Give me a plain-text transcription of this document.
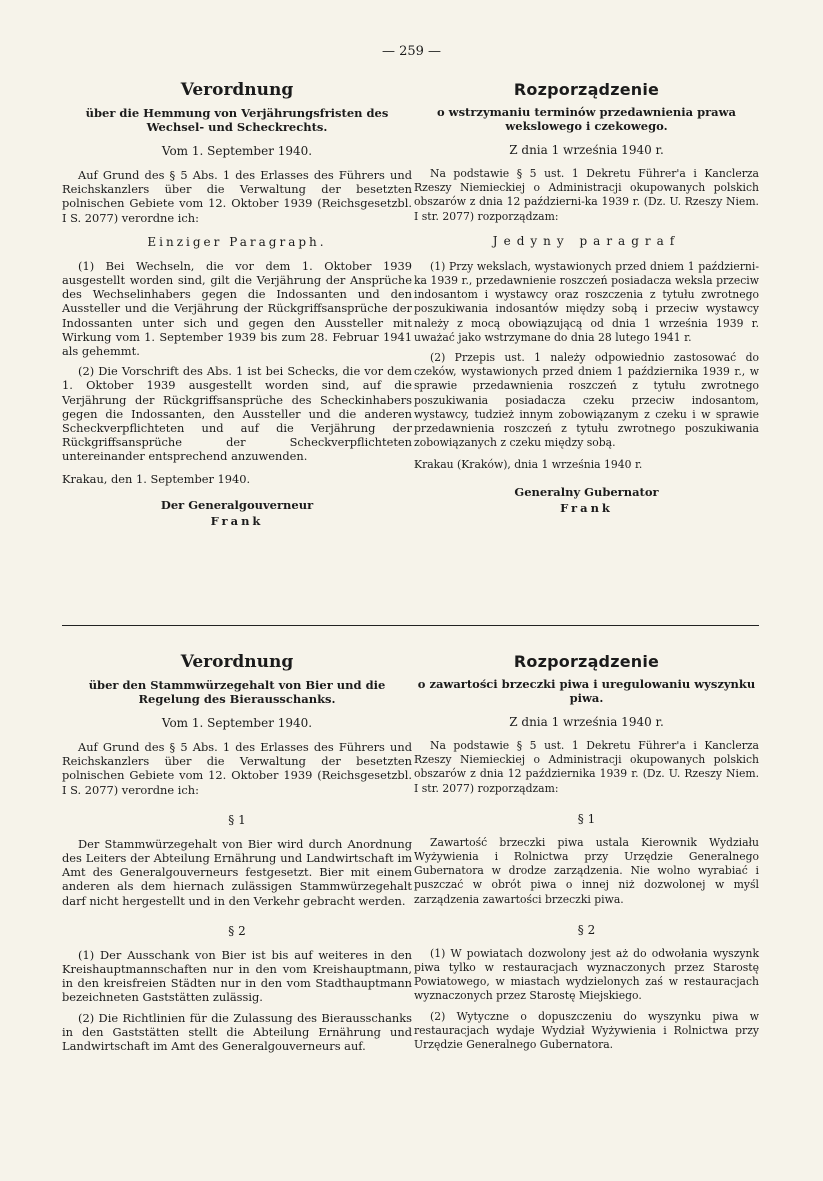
— 259 —
Verordnung
über die Hemmung von Verjährungsfristen des Wechsel- und Scheckrechts.
Vom 1. September 1940.

Auf Grund des § 5 Abs. 1 des Erlasses des Führers und Reichskanzlers über die Verwaltung der besetzten polnischen Gebiete vom 12. Oktober 1939 (Reichsgesetzbl. I S. 2077) verordne ich:

Einziger Paragraph.

(1) Bei Wechseln, die vor dem 1. Oktober 1939 ausgestellt worden sind, gilt die Verjährung der Ansprüche des Wechselinhabers gegen die Indossanten und den Aussteller und die Verjährung der Rückgriffsansprüche der Indossanten unter sich und gegen den Aussteller mit Wirkung vom 1. September 1939 bis zum 28. Februar 1941 als gehemmt.

(2) Die Vorschrift des Abs. 1 ist bei Schecks, die vor dem 1. Oktober 1939 ausgestellt worden sind, auf die Verjährung der Rückgriffsansprüche des Scheckinhabers gegen die Indossanten, den Aussteller und die anderen Scheckverpflichteten und auf die Verjährung der Rückgriffsansprüche der Scheckverpflichteten untereinander entsprechend anzuwenden.

Krakau, den 1. September 1940.

Der Generalgouverneur
Frank
Rozporządzenie
o wstrzymaniu terminów przedawnienia prawa wekslowego i czekowego.
Z dnia 1 września 1940 r.

Na podstawie § 5 ust. 1 Dekretu Führer'a i Kanclerza Rzeszy Niemieckiej o Administracji okupowanych polskich obszarów z dnia 12 październi-ka 1939 r. (Dz. U. Rzeszy Niem. I str. 2077) rozporządzam:

Jedyny paragraf

(1) Przy wekslach, wystawionych przed dniem 1 październi-ka 1939 r., przedawnienie roszczeń posiadacza weksla przeciw indosantom i wystawcy oraz roszczenia z tytułu zwrotnego poszukiwania indosantów między sobą i przeciw wystawcy należy z mocą obowiązującą od dnia 1 września 1939 r. uważać jako wstrzymane do dnia 28 lutego 1941 r.

(2) Przepis ust. 1 należy odpowiednio zastosować do czeków, wystawionych przed dniem 1 października 1939 r., w sprawie przedawnienia roszczeń z tytułu zwrotnego poszukiwania posiadacza czeku przeciw indosantom, wystawcy, tudzież innym zobowiązanym z czeku i w sprawie przedawnienia roszczeń z tytułu zwrotnego poszukiwania zobowiązanych z czeku między sobą.

Krakau (Kraków), dnia 1 września 1940 r.

Generalny Gubernator
Frank
Verordnung
über den Stammwürzegehalt von Bier und die Regelung des Bierausschanks.
Vom 1. September 1940.

Auf Grund des § 5 Abs. 1 des Erlasses des Führers und Reichskanzlers über die Verwaltung der besetzten polnischen Gebiete vom 12. Oktober 1939 (Reichsgesetzbl. I S. 2077) verordne ich:

§ 1

Der Stammwürzegehalt von Bier wird durch Anordnung des Leiters der Abteilung Ernährung und Landwirtschaft im Amt des Generalgouverneurs festgesetzt. Bier mit einem anderen als dem hiernach zulässigen Stammwürzegehalt darf nicht hergestellt und in den Verkehr gebracht werden.

§ 2

(1) Der Ausschank von Bier ist bis auf weiteres in den Kreishauptmannschaften nur in den vom Kreishauptmann, in den kreisfreien Städten nur in den vom Stadthauptmann bezeichneten Gaststätten zulässig.

(2) Die Richtlinien für die Zulassung des Bierausschanks in den Gaststätten stellt die Abteilung Ernährung und Landwirtschaft im Amt des Generalgouverneurs auf.

Rozporządzenie
o zawartości brzeczki piwa i uregulowaniu wyszynku piwa.
Z dnia 1 września 1940 r.

Na podstawie § 5 ust. 1 Dekretu Führer'a i Kanclerza Rzeszy Niemieckiej o Administracji okupowanych polskich obszarów z dnia 12 października 1939 r. (Dz. U. Rzeszy Niem. I str. 2077) rozporządzam:

§ 1

Zawartość brzeczki piwa ustala Kierownik Wydziału Wyżywienia i Rolnictwa przy Urzędzie Generalnego Gubernatora w drodze zarządzenia. Nie wolno wyrabiać i puszczać w obrót piwa o innej niż dozwolonej w myśl zarządzenia zawartości brzeczki piwa.

§ 2

(1) W powiatach dozwolony jest aż do odwołania wyszynk piwa tylko w restauracjach wyznaczonych przez Starostę Powiatowego, w miastach wydzielonych zaś w restauracjach wyznaczonych przez Starostę Miejskiego.

(2) Wytyczne o dopuszczeniu do wyszynku piwa w restauracjach wydaje Wydział Wyżywienia i Rolnictwa przy Urzędzie Generalnego Gubernatora.
